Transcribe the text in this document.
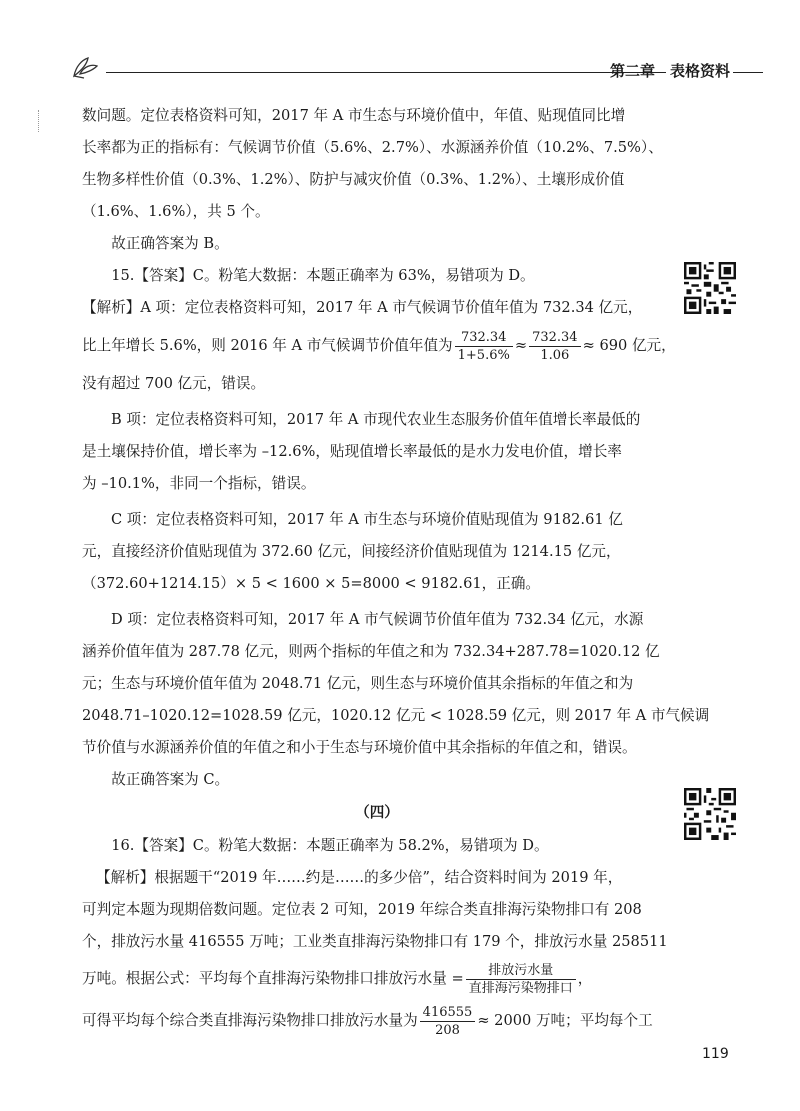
第二章　表格资料

数问题。定位表格资料可知，2017 年 A 市生态与环境价值中，年值、贴现值同比增
长率都为正的指标有：气候调节价值（5.6%、2.7%）、水源涵养价值（10.2%、7.5%）、
生物多样性价值（0.3%、1.2%）、防护与减灾价值（0.3%、1.2%）、土壤形成价值
（1.6%、1.6%），共 5 个。

故正确答案为 B。

15.【答案】C。粉笔大数据：本题正确率为 63%，易错项为 D。

【解析】A 项：定位表格资料可知，2017 年 A 市气候调节价值年值为 732.34 亿元，
比上年增长 5.6%，则 2016 年 A 市气候调节价值年值为 $\frac{732.34}{1+5.6\%} \approx \frac{732.34}{1.06} \approx 690$ 亿元，
没有超过 700 亿元，错误。

B 项：定位表格资料可知，2017 年 A 市现代农业生态服务价值年值增长率最低的
是土壤保持价值，增长率为 –12.6%，贴现值增长率最低的是水力发电价值，增长率
为 –10.1%，非同一个指标，错误。

C 项：定位表格资料可知，2017 年 A 市生态与环境价值贴现值为 9182.61 亿
元，直接经济价值贴现值为 372.60 亿元，间接经济价值贴现值为 1214.15 亿元，
（372.60+1214.15）× 5 < 1600 × 5=8000 < 9182.61，正确。

D 项：定位表格资料可知，2017 年 A 市气候调节价值年值为 732.34 亿元，水源
涵养价值年值为 287.78 亿元，则两个指标的年值之和为 732.34+287.78=1020.12 亿
元；生态与环境价值年值为 2048.71 亿元，则生态与环境价值其余指标的年值之和为
2048.71–1020.12=1028.59 亿元，1020.12 亿元 < 1028.59 亿元，则 2017 年 A 市气候调
节价值与水源涵养价值的年值之和小于生态与环境价值中其余指标的年值之和，错误。

故正确答案为 C。

（四）

16.【答案】C。粉笔大数据：本题正确率为 58.2%，易错项为 D。

【解析】根据题干“2019 年……约是……的多少倍”，结合资料时间为 2019 年，
可判定本题为现期倍数问题。定位表 2 可知，2019 年综合类直排海污染物排口有 208
个，排放污水量 416555 万吨；工业类直排海污染物排口有 179 个，排放污水量 258511
万吨。根据公式：平均每个直排海污染物排口排放污水量 = $\frac{\text{排放污水量}}{\text{直排海污染物排口}}$ ，
可得平均每个综合类直排海污染物排口排放污水量为 $\frac{416555}{208} \approx 2000$ 万吨；平均每个工
119
